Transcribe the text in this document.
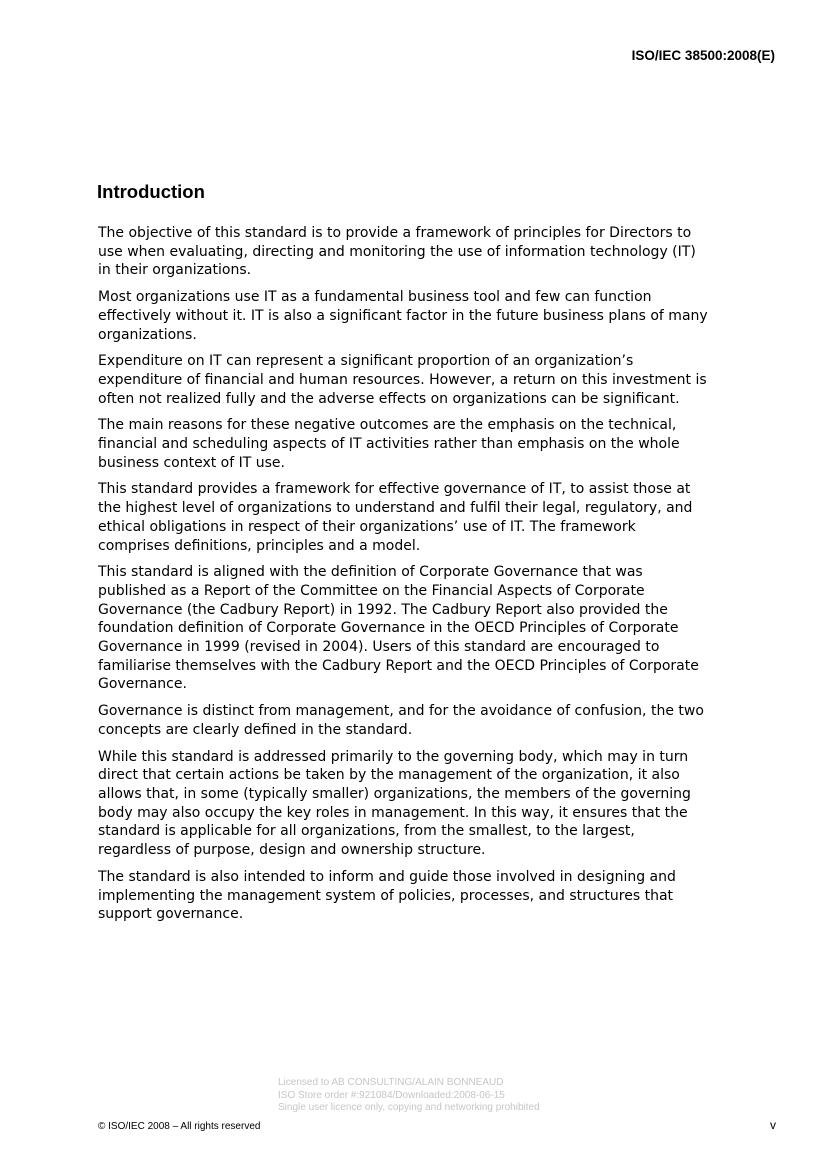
ISO/IEC 38500:2008(E)

Introduction

The objective of this standard is to provide a framework of principles for Directors to use when evaluating, directing and monitoring the use of information technology (IT) in their organizations.

Most organizations use IT as a fundamental business tool and few can function effectively without it. IT is also a significant factor in the future business plans of many organizations.

Expenditure on IT can represent a significant proportion of an organization’s expenditure of financial and human resources. However, a return on this investment is often not realized fully and the adverse effects on organizations can be significant.

The main reasons for these negative outcomes are the emphasis on the technical, financial and scheduling aspects of IT activities rather than emphasis on the whole business context of IT use.

This standard provides a framework for effective governance of IT, to assist those at the highest level of organizations to understand and fulfil their legal, regulatory, and ethical obligations in respect of their organizations’ use of IT. The framework comprises definitions, principles and a model.

This standard is aligned with the definition of Corporate Governance that was published as a Report of the Committee on the Financial Aspects of Corporate Governance (the Cadbury Report) in 1992. The Cadbury Report also provided the foundation definition of Corporate Governance in the OECD Principles of Corporate Governance in 1999 (revised in 2004). Users of this standard are encouraged to familiarise themselves with the Cadbury Report and the OECD Principles of Corporate Governance.

Governance is distinct from management, and for the avoidance of confusion, the two concepts are clearly defined in the standard.

While this standard is addressed primarily to the governing body, which may in turn direct that certain actions be taken by the management of the organization, it also allows that, in some (typically smaller) organizations, the members of the governing body may also occupy the key roles in management. In this way, it ensures that the standard is applicable for all organizations, from the smallest, to the largest, regardless of purpose, design and ownership structure.

The standard is also intended to inform and guide those involved in designing and implementing the management system of policies, processes, and structures that support governance.

Licensed to AB CONSULTING/ALAIN BONNEAUD
ISO Store order #:921084/Downloaded:2008-06-15
Single user licence only, copying and networking prohibited

© ISO/IEC 2008 – All rights reserved	v
